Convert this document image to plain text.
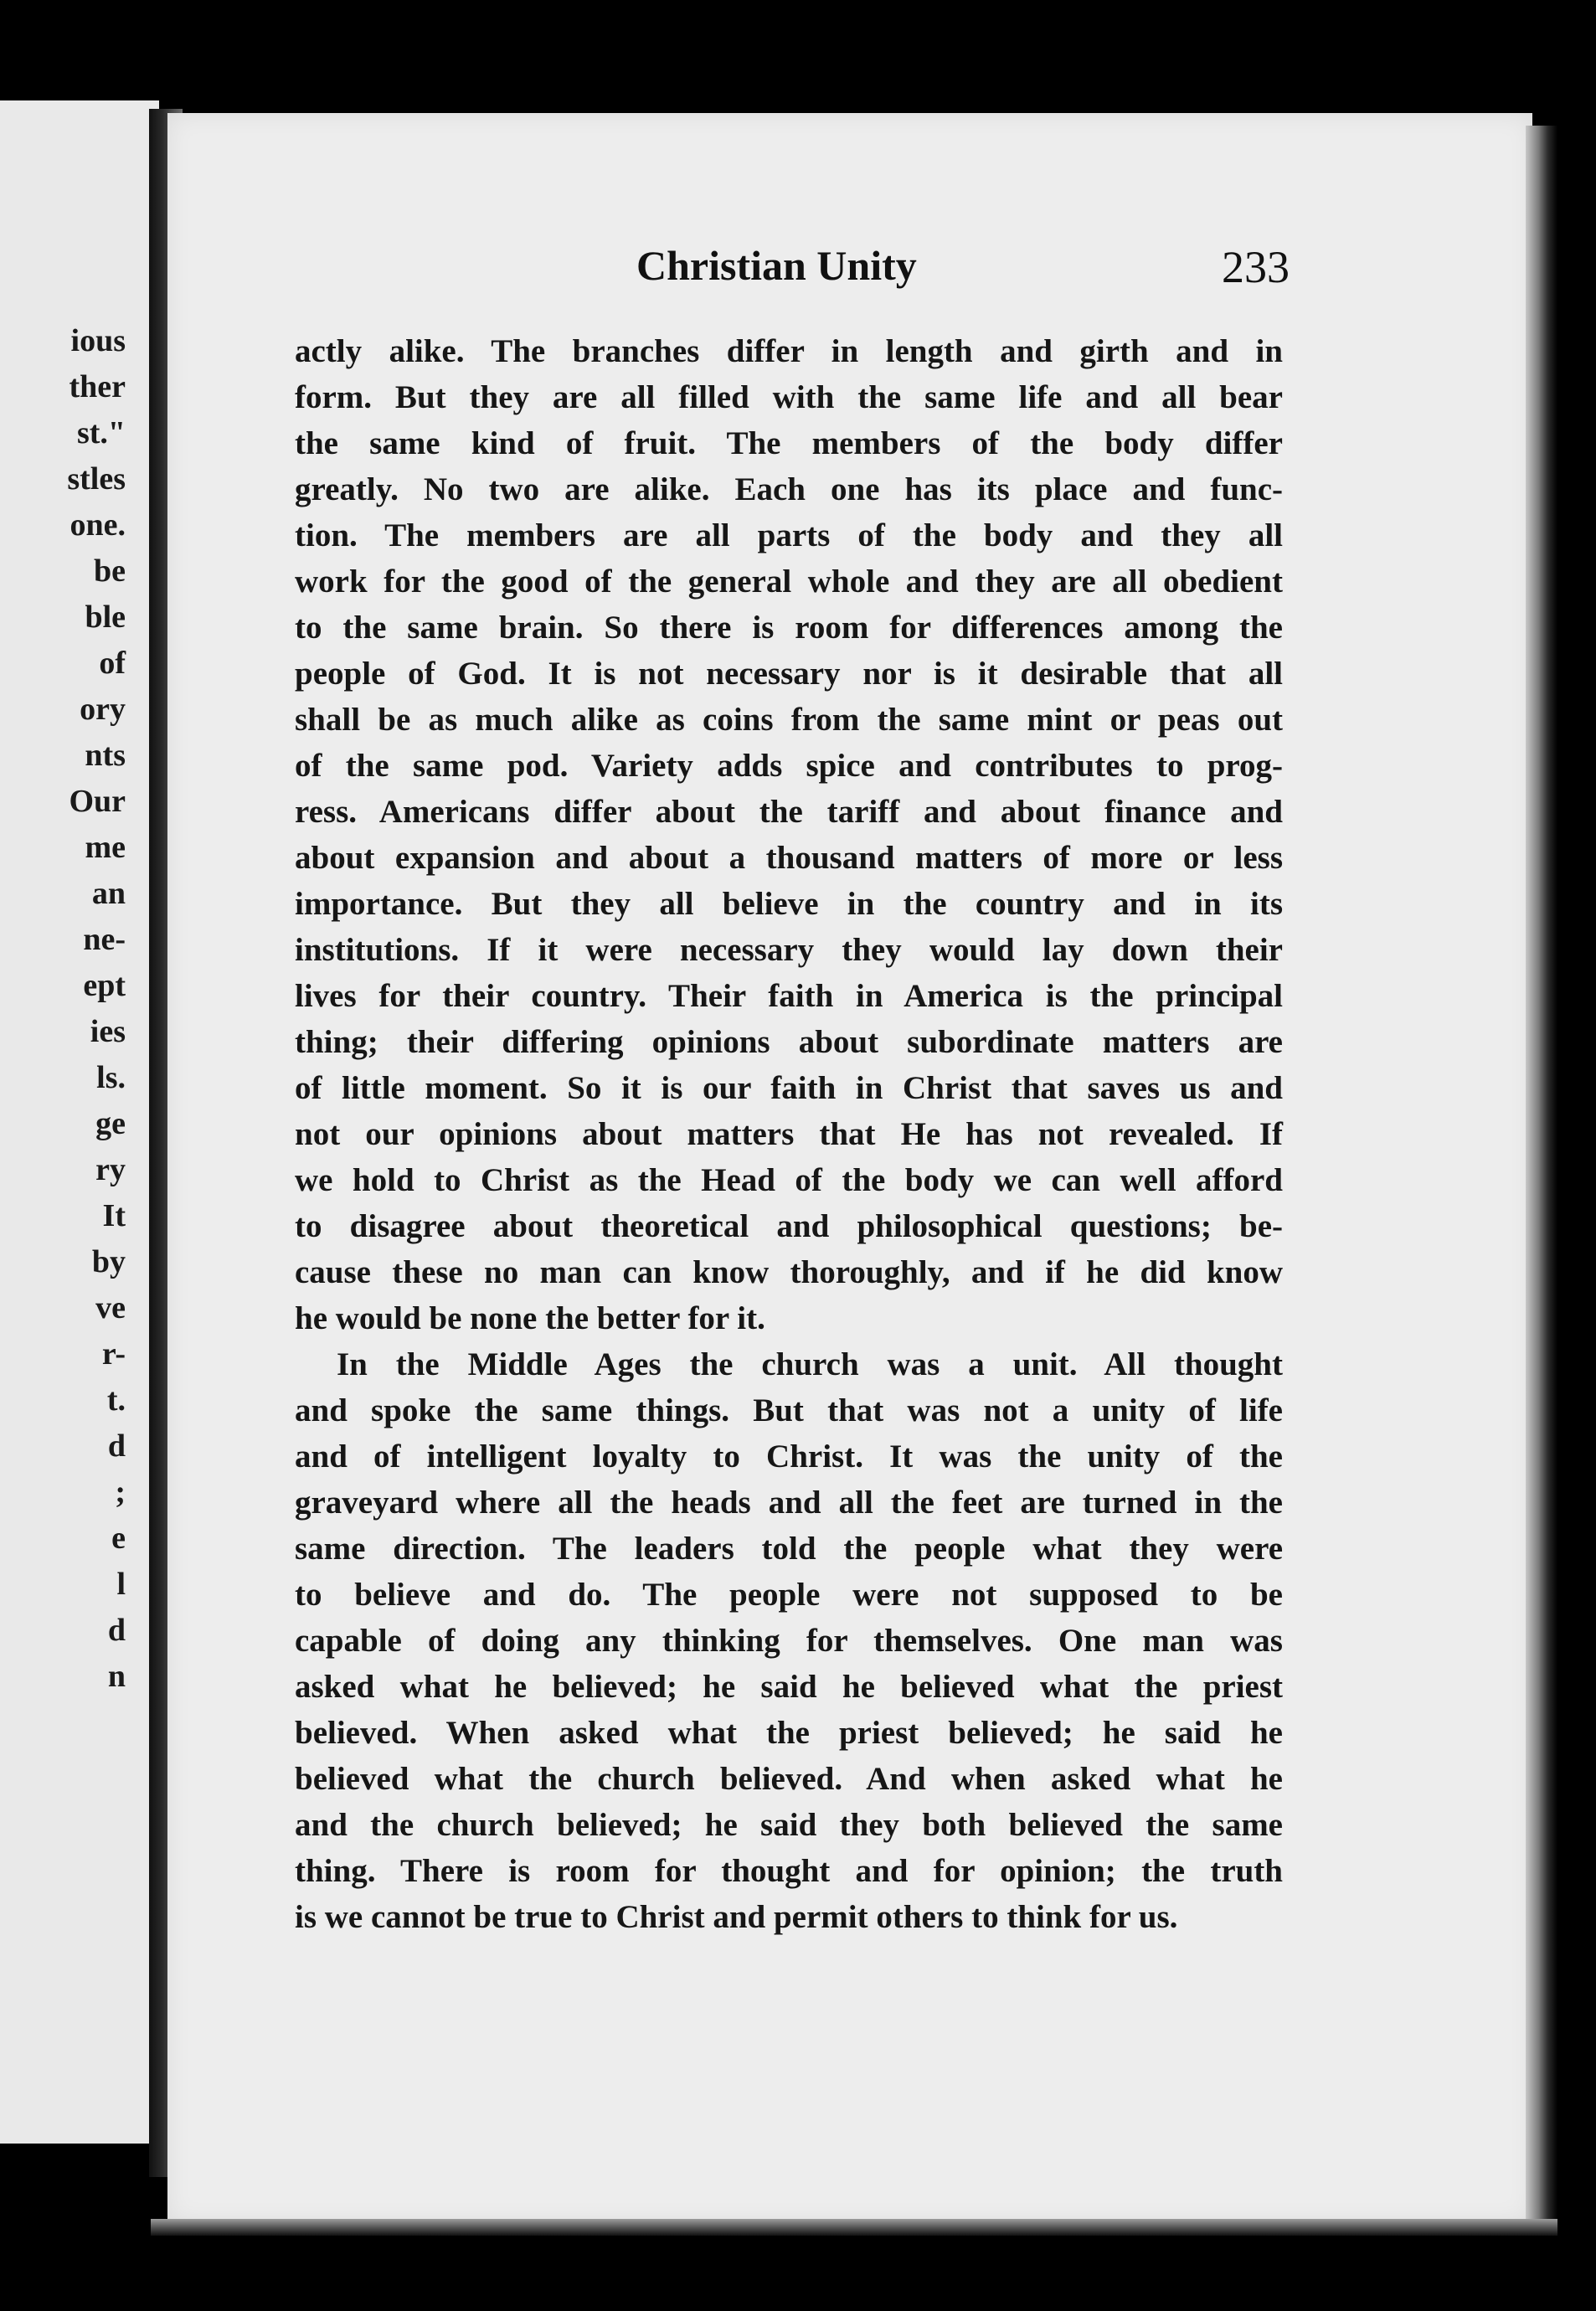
ious
ther
st."
stles
one.
be
ble
of
ory
nts
Our
me
an
ne-
ept
ies
ls.
ge
ry
It
by
ve
r-
t.
d
;
e
l
d
n
Christian Unity	233
actly alike. The branches differ in length and girth and in
form. But they are all filled with the same life and all bear
the same kind of fruit. The members of the body differ
greatly. No two are alike. Each one has its place and func-
tion. The members are all parts of the body and they all
work for the good of the general whole and they are all obedient
to the same brain. So there is room for differences among the
people of God. It is not necessary nor is it desirable that all
shall be as much alike as coins from the same mint or peas out
of the same pod. Variety adds spice and contributes to prog-
ress. Americans differ about the tariff and about finance and
about expansion and about a thousand matters of more or less
importance. But they all believe in the country and in its
institutions. If it were necessary they would lay down their
lives for their country. Their faith in America is the principal
thing; their differing opinions about subordinate matters are
of little moment. So it is our faith in Christ that saves us and
not our opinions about matters that He has not revealed. If
we hold to Christ as the Head of the body we can well afford
to disagree about theoretical and philosophical questions; be-
cause these no man can know thoroughly, and if he did know
he would be none the better for it.
In the Middle Ages the church was a unit. All thought
and spoke the same things. But that was not a unity of life
and of intelligent loyalty to Christ. It was the unity of the
graveyard where all the heads and all the feet are turned in the
same direction. The leaders told the people what they were
to believe and do. The people were not supposed to be
capable of doing any thinking for themselves. One man was
asked what he believed; he said he believed what the priest
believed. When asked what the priest believed; he said he
believed what the church believed. And when asked what he
and the church believed; he said they both believed the same
thing. There is room for thought and for opinion; the truth
is we cannot be true to Christ and permit others to think for us.
